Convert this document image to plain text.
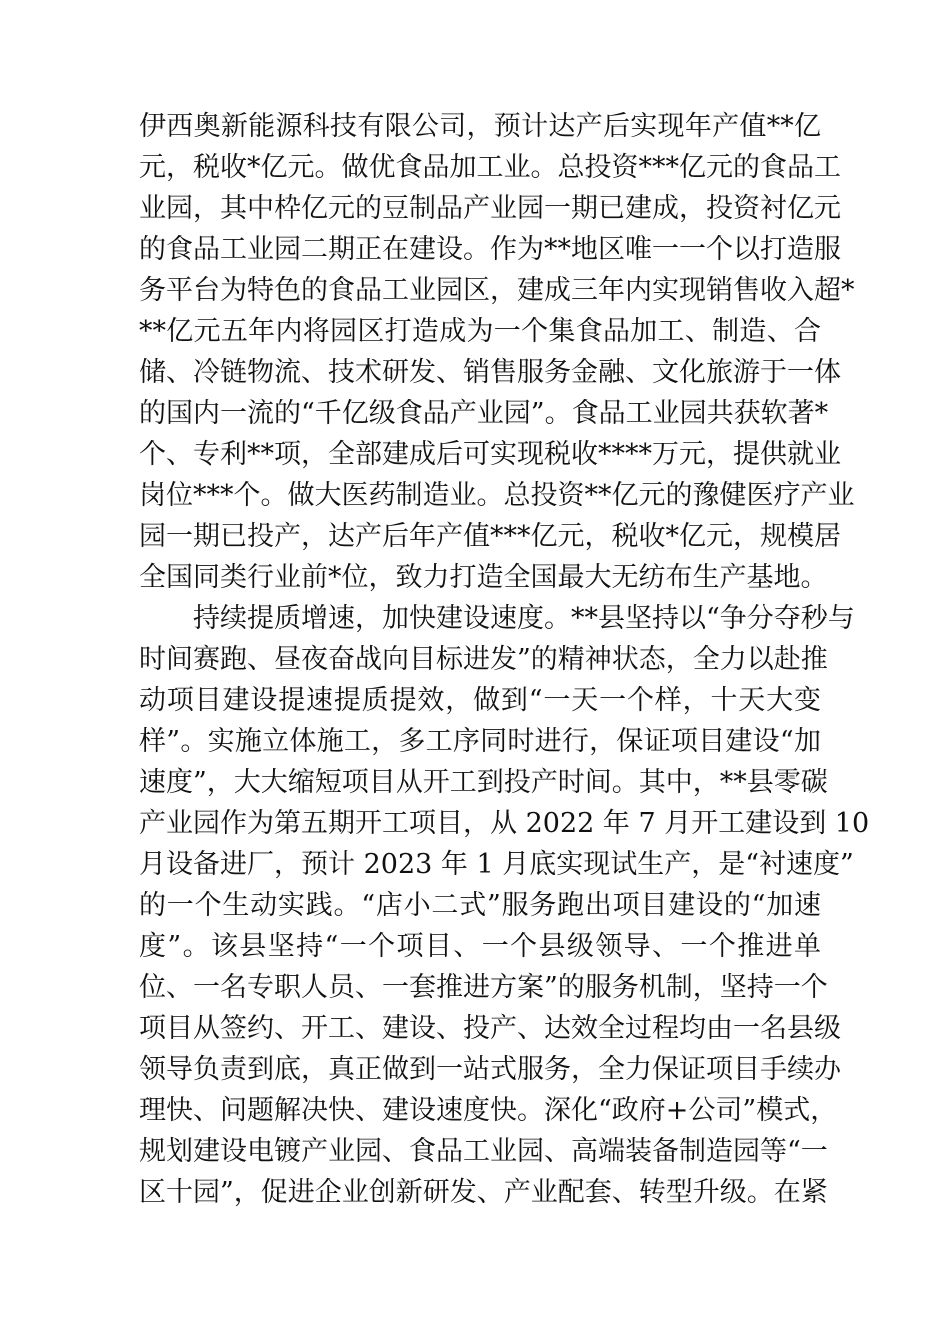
伊西奥新能源科技有限公司，预计达产后实现年产值**亿
元，税收*亿元。做优食品加工业。总投资***亿元的食品工
业园，其中枠亿元的豆制品产业园一期已建成，投资衬亿元
的食品工业园二期正在建设。作为**地区唯一一个以打造服
务平台为特色的食品工业园区，建成三年内实现销售收入超*
**亿元五年内将园区打造成为一个集食品加工、制造、合
储、冷链物流、技术研发、销售服务金融、文化旅游于一体
的国内一流的“千亿级食品产业园”。食品工业园共获软著*
个、专利**项，全部建成后可实现税收****万元，提供就业
岗位***个。做大医药制造业。总投资**亿元的豫健医疗产业
园一期已投产，达产后年产值***亿元，税收*亿元，规模居
全国同类行业前*位，致力打造全国最大无纺布生产基地。
　　持续提质增速，加快建设速度。**县坚持以“争分夺秒与
时间赛跑、昼夜奋战向目标进发”的精神状态，全力以赴推
动项目建设提速提质提效，做到“一天一个样，十天大变
样”。实施立体施工，多工序同时进行，保证项目建设“加
速度”，大大缩短项目从开工到投产时间。其中，**县零碳
产业园作为第五期开工项目，从 2022 年 7 月开工建设到 10
月设备进厂，预计 2023 年 1 月底实现试生产，是“衬速度”
的一个生动实践。“店小二式”服务跑出项目建设的“加速
度”。该县坚持“一个项目、一个县级领导、一个推进单
位、一名专职人员、一套推进方案”的服务机制，坚持一个
项目从签约、开工、建设、投产、达效全过程均由一名县级
领导负责到底，真正做到一站式服务，全力保证项目手续办
理快、问题解决快、建设速度快。深化“政府+公司”模式，
规划建设电镀产业园、食品工业园、高端装备制造园等“一
区十园”，促进企业创新研发、产业配套、转型升级。在紧
